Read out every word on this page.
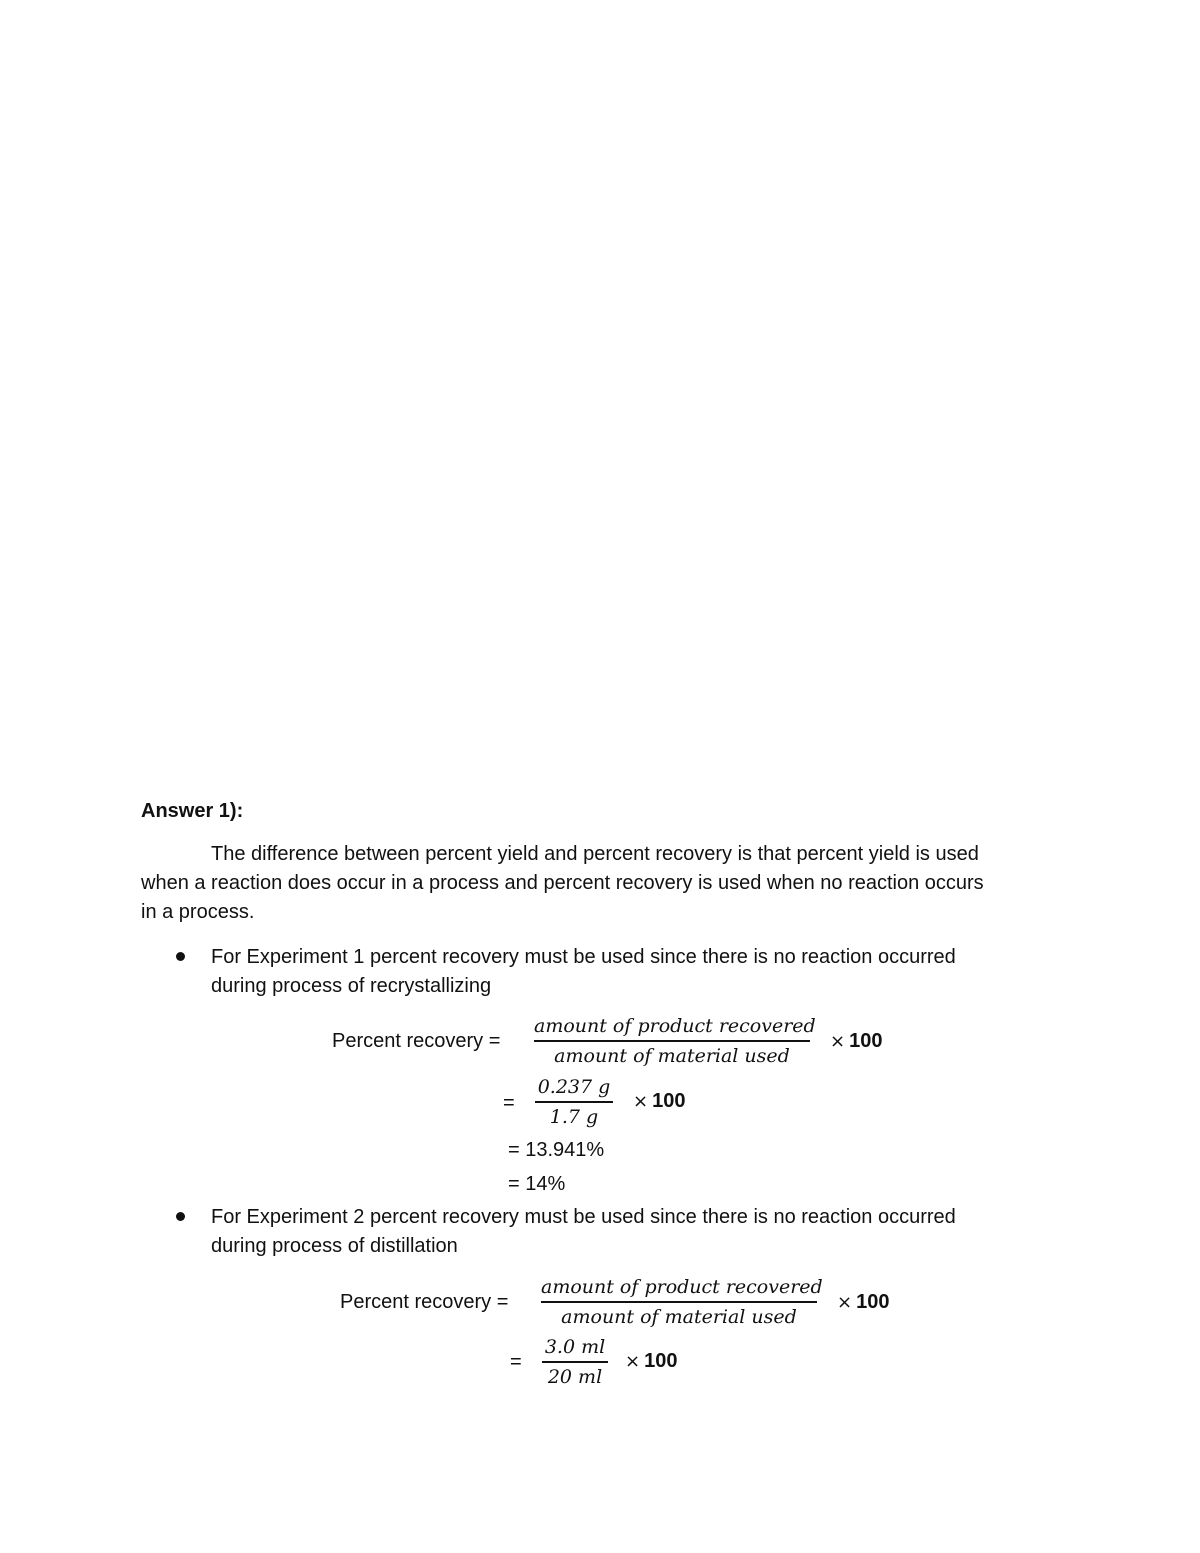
Answer 1):
The difference between percent yield and percent recovery is that percent yield is used
when a reaction does occur in a process and percent recovery is used when no reaction occurs
in a process.
For Experiment 1 percent recovery must be used since there is no reaction occurred
during process of recrystallizing
Percent recovery =
amount of product recovered
amount of material used
× 100
=
0.237 g
1.7 g
× 100
= 13.941%
= 14%
For Experiment 2 percent recovery must be used since there is no reaction occurred
during process of distillation
Percent recovery =
amount of product recovered
amount of material used
× 100
=
3.0 ml
20 ml
× 100
